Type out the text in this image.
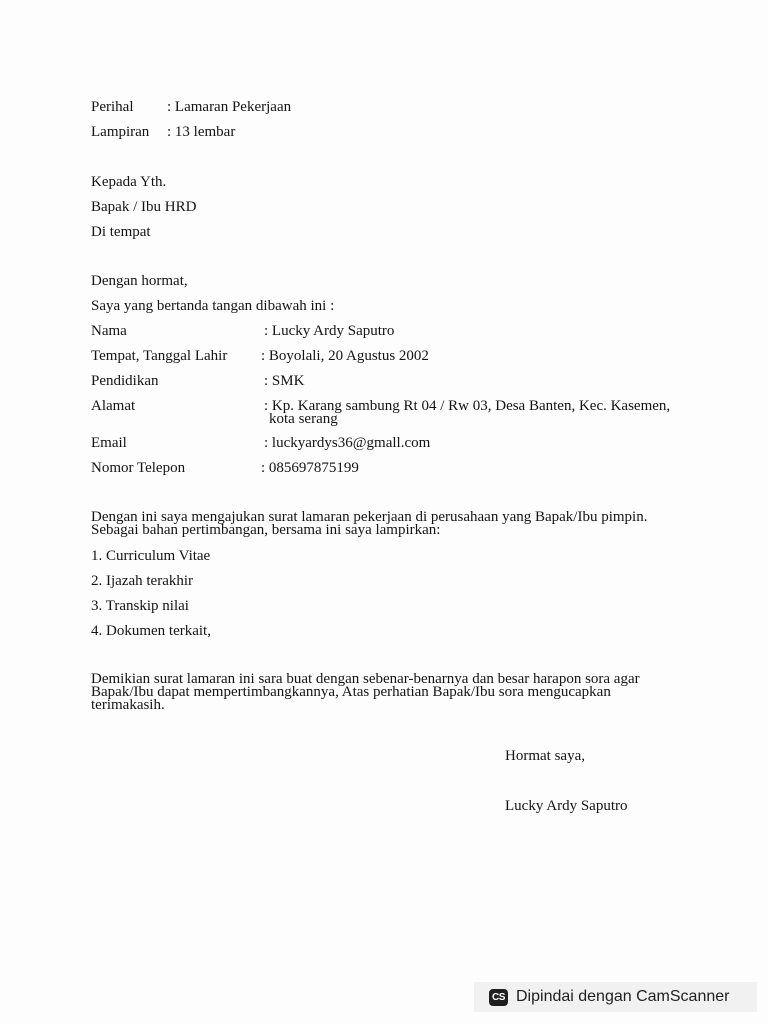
Perihal : Lamaran Pekerjaan
Lampiran : 13 lembar
Kepada Yth.
Bapak / Ibu HRD
Di tempat
Dengan hormat,
Saya yang bertanda tangan dibawah ini :
Nama	: Lucky Ardy Saputro
Tempat, Tanggal Lahir : Boyolali, 20 Agustus 2002
Pendidikan	: SMK
Alamat	: Kp. Karang sambung Rt 04 / Rw 03, Desa Banten, Kec. Kasemen,
kota serang
Email	: luckyardys36@gmall.com
Nomor Telepon	: 085697875199
Dengan ini saya mengajukan surat lamaran pekerjaan di perusahaan yang Bapak/Ibu pimpin.
Sebagai bahan pertimbangan, bersama ini saya lampirkan:
1. Curriculum Vitae
2. Ijazah terakhir
3. Transkip nilai
4. Dokumen terkait,
Demikian surat lamaran ini sara buat dengan sebenar-benarnya dan besar harapon sora agar
Bapak/Ibu dapat mempertimbangkannya, Atas perhatian Bapak/Ibu sora mengucapkan
terimakasih.
Hormat saya,
Lucky Ardy Saputro
CS Dipindai dengan CamScanner
